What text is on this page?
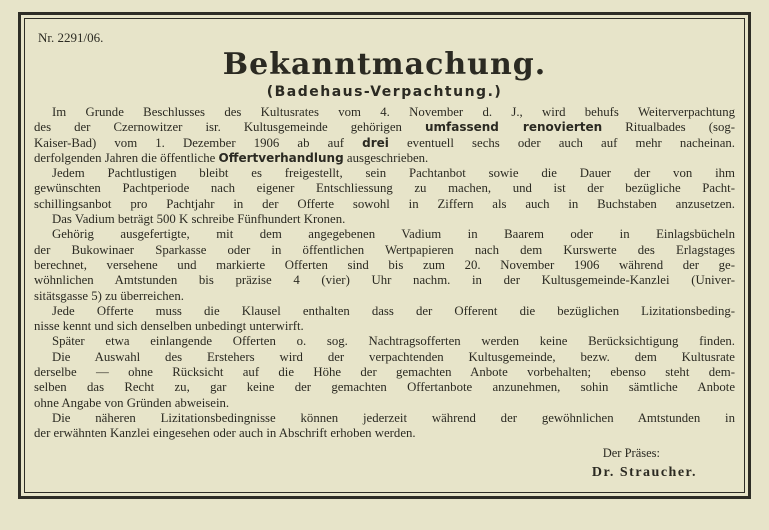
Nr. 2291/06.
Bekanntmachung.
(Badehaus-Verpachtung.)
Im Grunde Beschlusses des Kultusrates vom 4. November d. J., wird behufs Weiterverpachtung
des der Czernowitzer isr. Kultusgemeinde gehörigen umfassend renovierten Ritualbades (sog-
Kaiser-Bad) vom 1. Dezember 1906 ab auf drei eventuell sechs oder auch auf mehr nacheinan.
derfolgenden Jahren die öffentliche Offertverhandlung ausgeschrieben.
Jedem Pachtlustigen bleibt es freigestellt, sein Pachtanbot sowie die Dauer der von ihm
gewünschten Pachtperiode nach eigener Entschliessung zu machen, und ist der bezügliche Pacht-
schillingsanbot pro Pachtjahr in der Offerte sowohl in Ziffern als auch in Buchstaben anzusetzen.
Das Vadium beträgt 500 K schreibe Fünfhundert Kronen.
Gehörig ausgefertigte, mit dem angegebenen Vadium in Baarem oder in Einlagsbücheln
der Bukowinaer Sparkasse oder in öffentlichen Wertpapieren nach dem Kurswerte des Erlagstages
berechnet, versehene und markierte Offerten sind bis zum 20. November 1906 während der ge-
wöhnlichen Amtstunden bis präzise 4 (vier) Uhr nachm. in der Kultusgemeinde-Kanzlei (Univer-
sitätsgasse 5) zu überreichen.
Jede Offerte muss die Klausel enthalten dass der Offerent die bezüglichen Lizitationsbeding-
nisse kennt und sich denselben unbedingt unterwirft.
Später etwa einlangende Offerten o. sog. Nachtragsofferten werden keine Berücksichtigung finden.
Die Auswahl des Erstehers wird der verpachtenden Kultusgemeinde, bezw. dem Kultusrate
derselbe — ohne Rücksicht auf die Höhe der gemachten Anbote vorbehalten; ebenso steht dem-
selben das Recht zu, gar keine der gemachten Offertanbote anzunehmen, sohin sämtliche Anbote
ohne Angabe von Gründen abweisein.
Die näheren Lizitationsbedingnisse können jederzeit während der gewöhnlichen Amtstunden in
der erwähnten Kanzlei eingesehen oder auch in Abschrift erhoben werden.
Der Präses:
Dr. Straucher.
